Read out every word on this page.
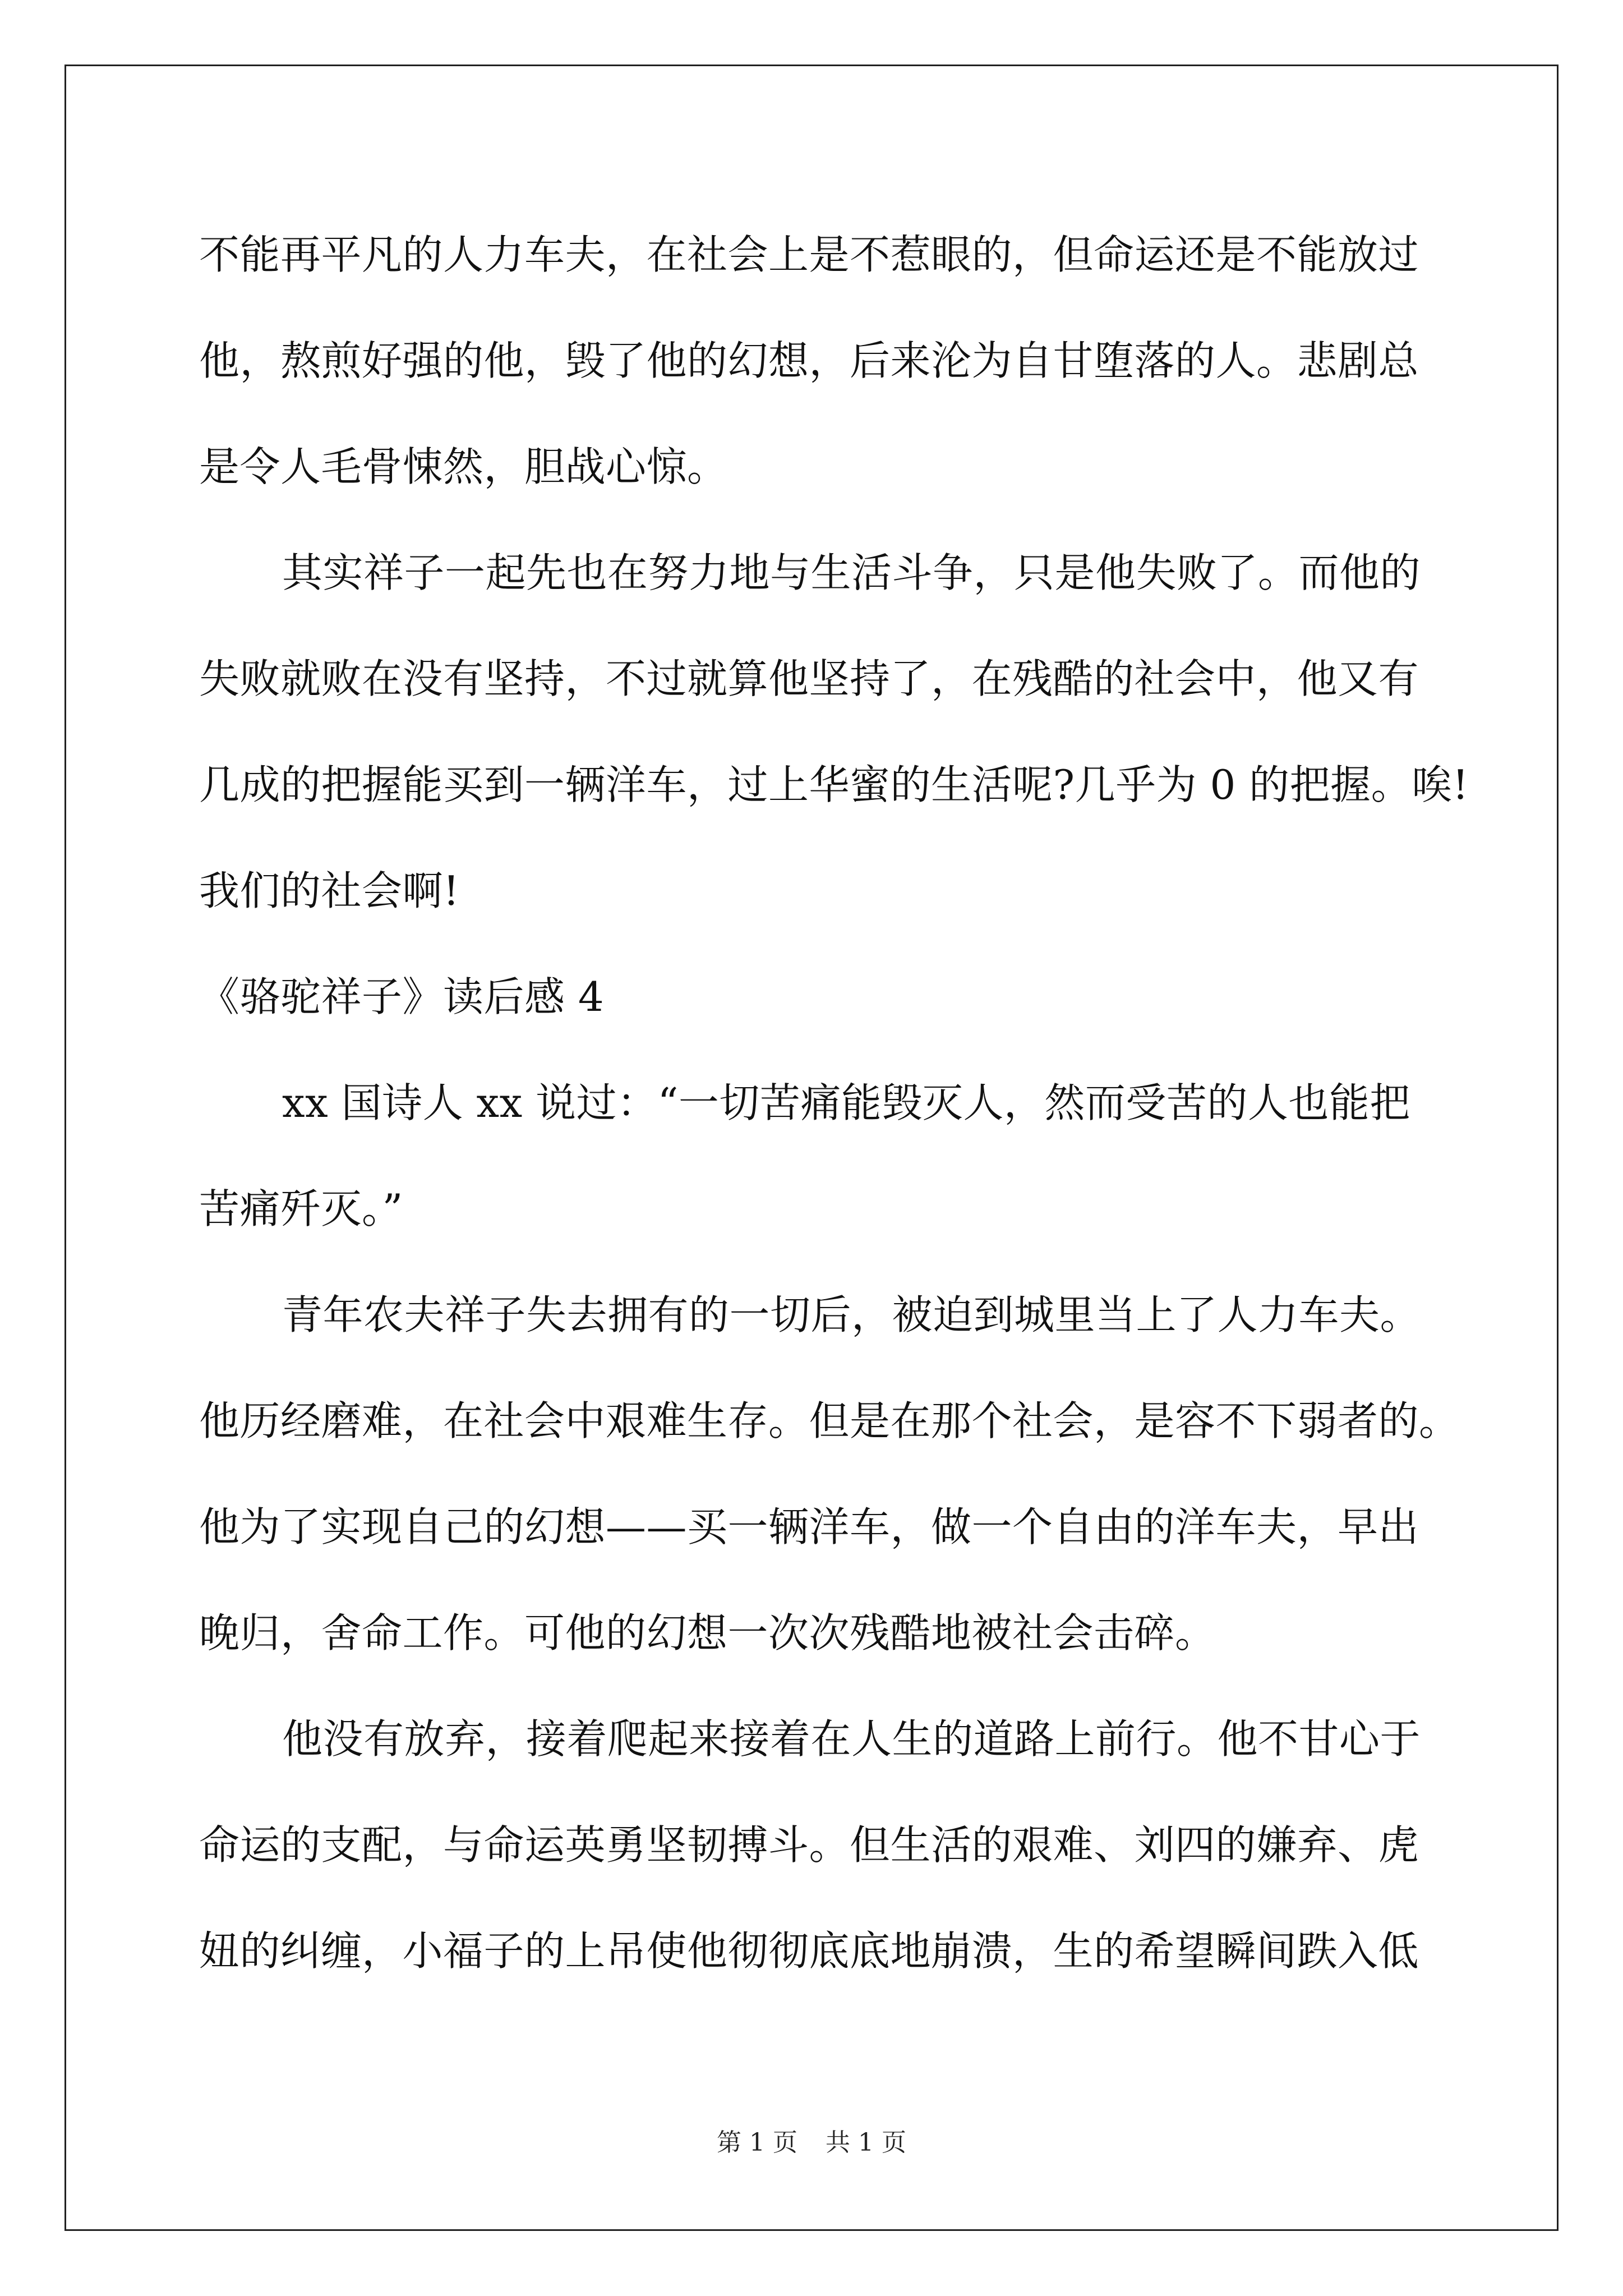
不能再平凡的人力车夫，在社会上是不惹眼的，但命运还是不能放过
他，熬煎好强的他，毁了他的幻想，后来沦为自甘堕落的人。悲剧总
是令人毛骨悚然，胆战心惊。
其实祥子一起先也在努力地与生活斗争，只是他失败了。而他的
失败就败在没有坚持，不过就算他坚持了，在残酷的社会中，他又有
几成的把握能买到一辆洋车，过上华蜜的生活呢?几乎为 0 的把握。唉!
我们的社会啊!
《骆驼祥子》读后感 4
xx 国诗人 xx 说过：“一切苦痛能毁灭人，然而受苦的人也能把
苦痛歼灭。”
青年农夫祥子失去拥有的一切后，被迫到城里当上了人力车夫。
他历经磨难，在社会中艰难生存。但是在那个社会，是容不下弱者的。
他为了实现自己的幻想——买一辆洋车，做一个自由的洋车夫，早出
晚归，舍命工作。可他的幻想一次次残酷地被社会击碎。
他没有放弃，接着爬起来接着在人生的道路上前行。他不甘心于
命运的支配，与命运英勇坚韧搏斗。但生活的艰难、刘四的嫌弃、虎
妞的纠缠，小福子的上吊使他彻彻底底地崩溃，生的希望瞬间跌入低
第 1 页 共 1 页
